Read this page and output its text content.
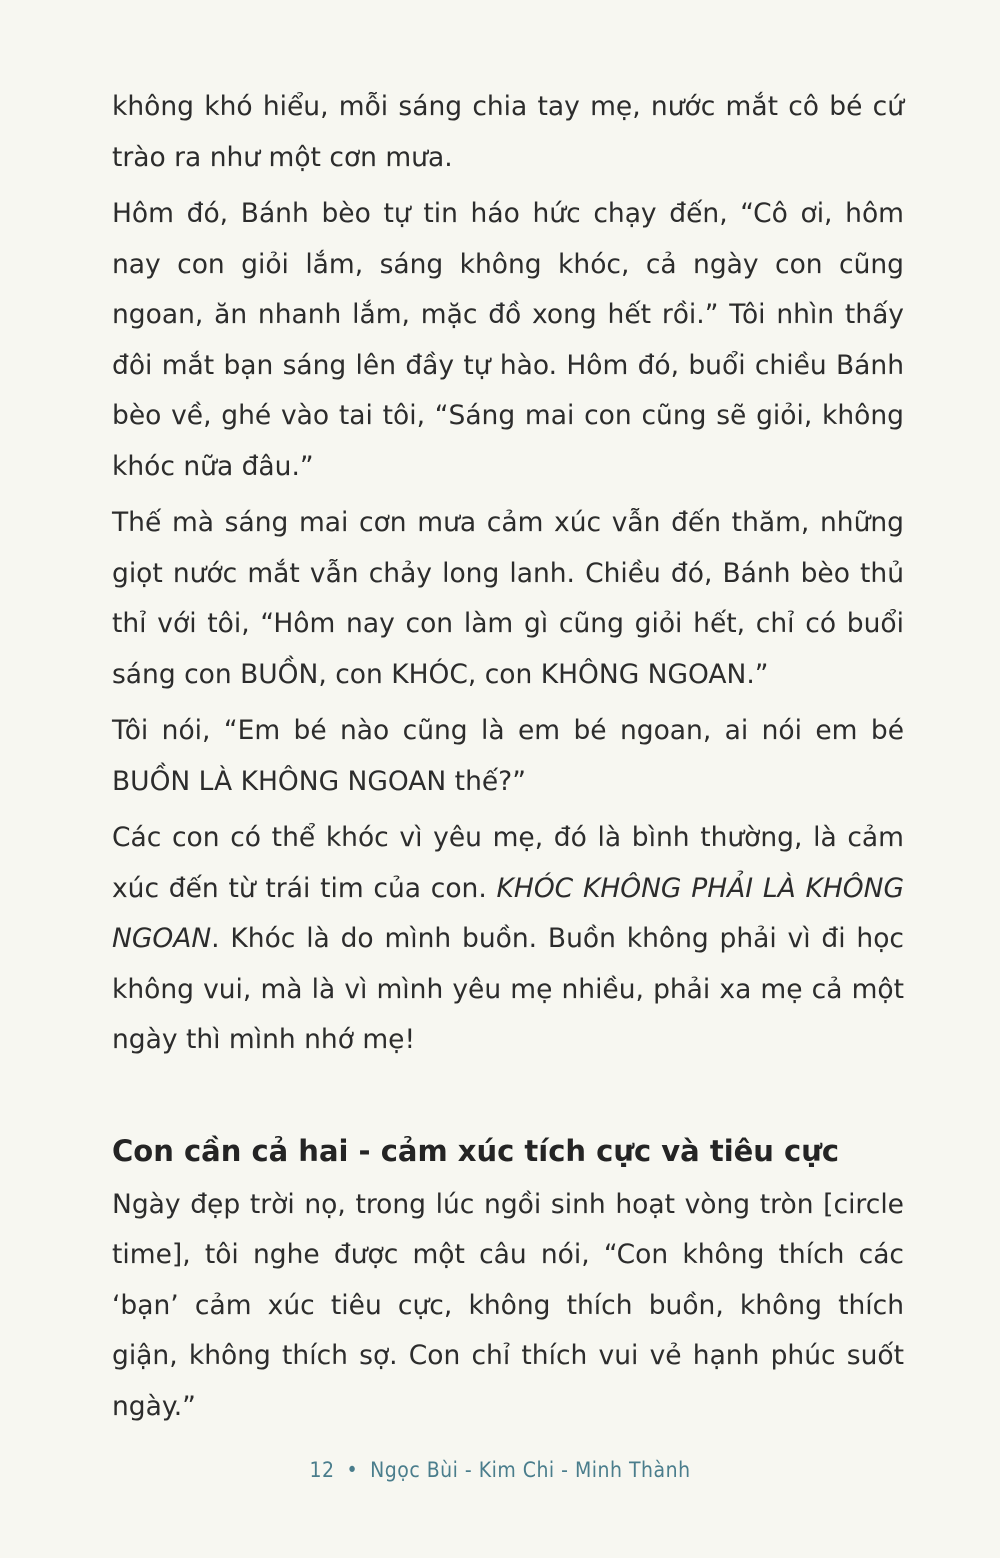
không khó hiểu, mỗi sáng chia tay mẹ, nước mắt cô bé cứ trào ra như một cơn mưa.

Hôm đó, Bánh bèo tự tin háo hức chạy đến, “Cô ơi, hôm nay con giỏi lắm, sáng không khóc, cả ngày con cũng ngoan, ăn nhanh lắm, mặc đồ xong hết rồi.” Tôi nhìn thấy đôi mắt bạn sáng lên đầy tự hào. Hôm đó, buổi chiều Bánh bèo về, ghé vào tai tôi, “Sáng mai con cũng sẽ giỏi, không khóc nữa đâu.”

Thế mà sáng mai cơn mưa cảm xúc vẫn đến thăm, những giọt nước mắt vẫn chảy long lanh. Chiều đó, Bánh bèo thủ thỉ với tôi, “Hôm nay con làm gì cũng giỏi hết, chỉ có buổi sáng con BUỒN, con KHÓC, con KHÔNG NGOAN.”

Tôi nói, “Em bé nào cũng là em bé ngoan, ai nói em bé BUỒN LÀ KHÔNG NGOAN thế?”

Các con có thể khóc vì yêu mẹ, đó là bình thường, là cảm xúc đến từ trái tim của con. KHÓC KHÔNG PHẢI LÀ KHÔNG NGOAN. Khóc là do mình buồn. Buồn không phải vì đi học không vui, mà là vì mình yêu mẹ nhiều, phải xa mẹ cả một ngày thì mình nhớ mẹ!

Con cần cả hai - cảm xúc tích cực và tiêu cực

Ngày đẹp trời nọ, trong lúc ngồi sinh hoạt vòng tròn [circle time], tôi nghe được một câu nói, “Con không thích các ‘bạn’ cảm xúc tiêu cực, không thích buồn, không thích giận, không thích sợ. Con chỉ thích vui vẻ hạnh phúc suốt ngày.”

12 • Ngọc Bùi - Kim Chi - Minh Thành
